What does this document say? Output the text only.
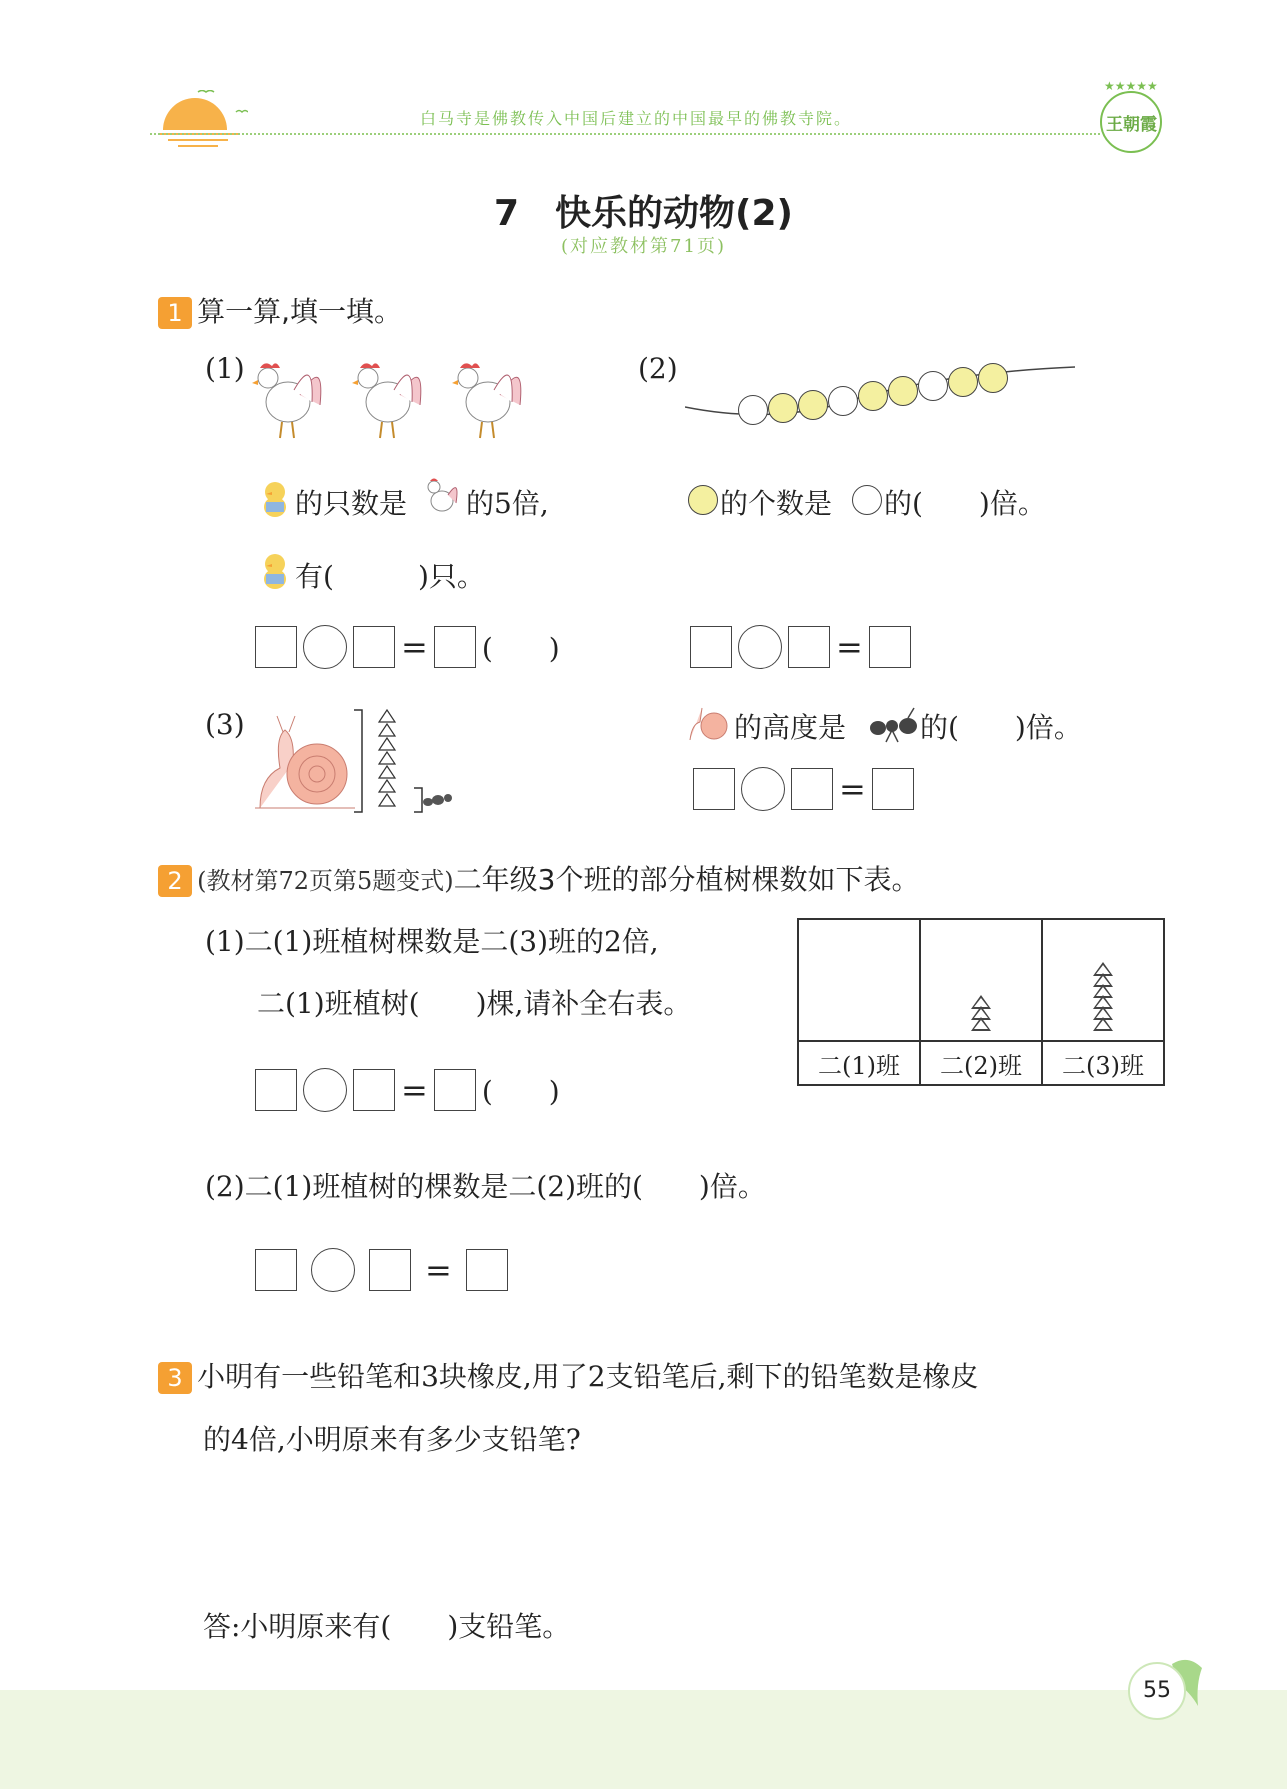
白马寺是佛教传入中国后建立的中国最早的佛教寺院。
★★★★★
王朝霞
7　快乐的动物(2)
(对应教材第71页)
1 算一算,填一填。
(1)
的只数是 的5倍,
有(	)只。
= (　　)
(2)
的个数是 的(　　)倍。
=
(3)	的高度是	的(　　)倍。
=
2 (教材第72页第5题变式)二年级3个班的部分植树棵数如下表。
(1)二(1)班植树棵数是二(3)班的2倍,
二(1)班植树(　　)棵,请补全右表。
= (　　)

二(1)班	二(2)班	二(3)班
(2)二(1)班植树的棵数是二(2)班的(　　)倍。
=
3 小明有一些铅笔和3块橡皮,用了2支铅笔后,剩下的铅笔数是橡皮
的4倍,小明原来有多少支铅笔?
答:小明原来有(　　)支铅笔。
55
